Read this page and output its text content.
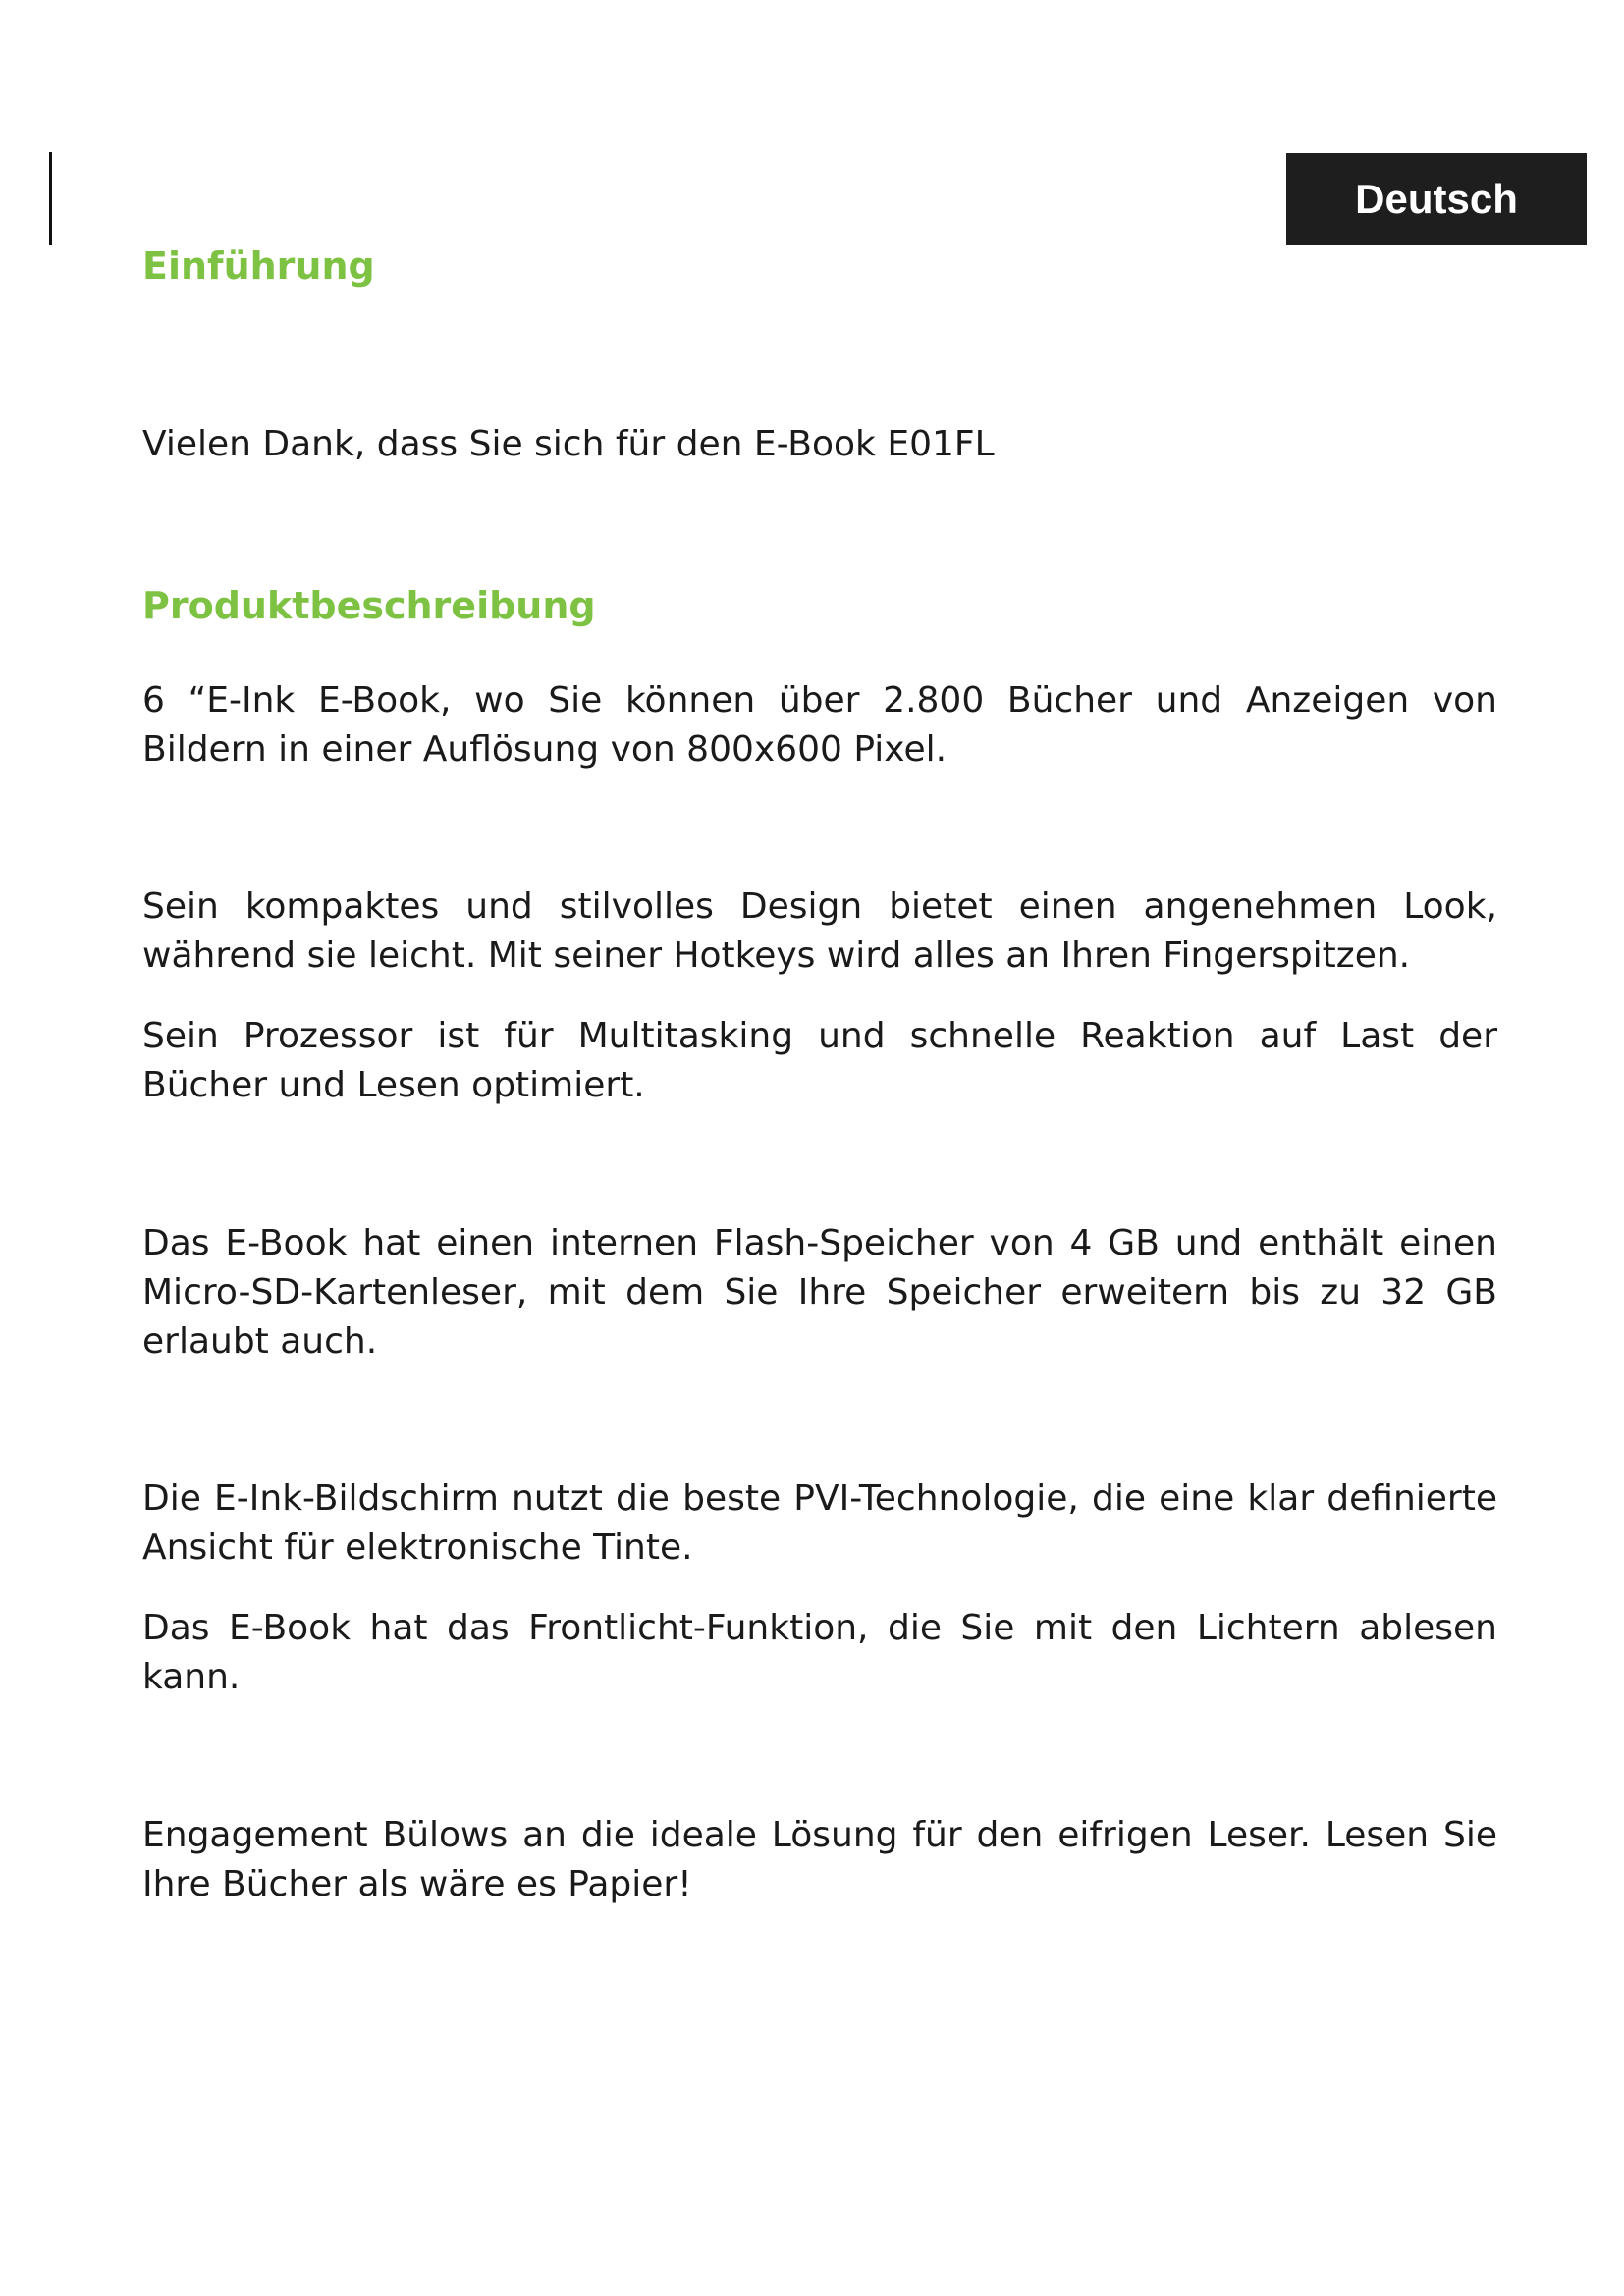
Deutsch
Einführung

Vielen Dank, dass Sie sich für den E-Book E01FL

Produktbeschreibung

6 “E-Ink E-Book, wo Sie können über 2.800 Bücher und Anzeigen von Bildern in einer Auflösung von 800x600 Pixel.

Sein kompaktes und stilvolles Design bietet einen angenehmen Look, während sie leicht. Mit seiner Hotkeys wird alles an Ihren Fingerspitzen.

Sein Prozessor ist für Multitasking und schnelle Reaktion auf Last der Bücher und Lesen optimiert.

Das E-Book hat einen internen Flash-Speicher von 4 GB und enthält einen Micro-SD-Kartenleser, mit dem Sie Ihre Speicher erweitern bis zu 32 GB erlaubt auch.

Die E-Ink-Bildschirm nutzt die beste PVI-Technologie, die eine klar definierte Ansicht für elektronische Tinte.

Das E-Book hat das Frontlicht-Funktion, die Sie mit den Lichtern ablesen kann.

Engagement Bülows an die ideale Lösung für den eifrigen Leser. Lesen Sie Ihre Bücher als wäre es Papier!
